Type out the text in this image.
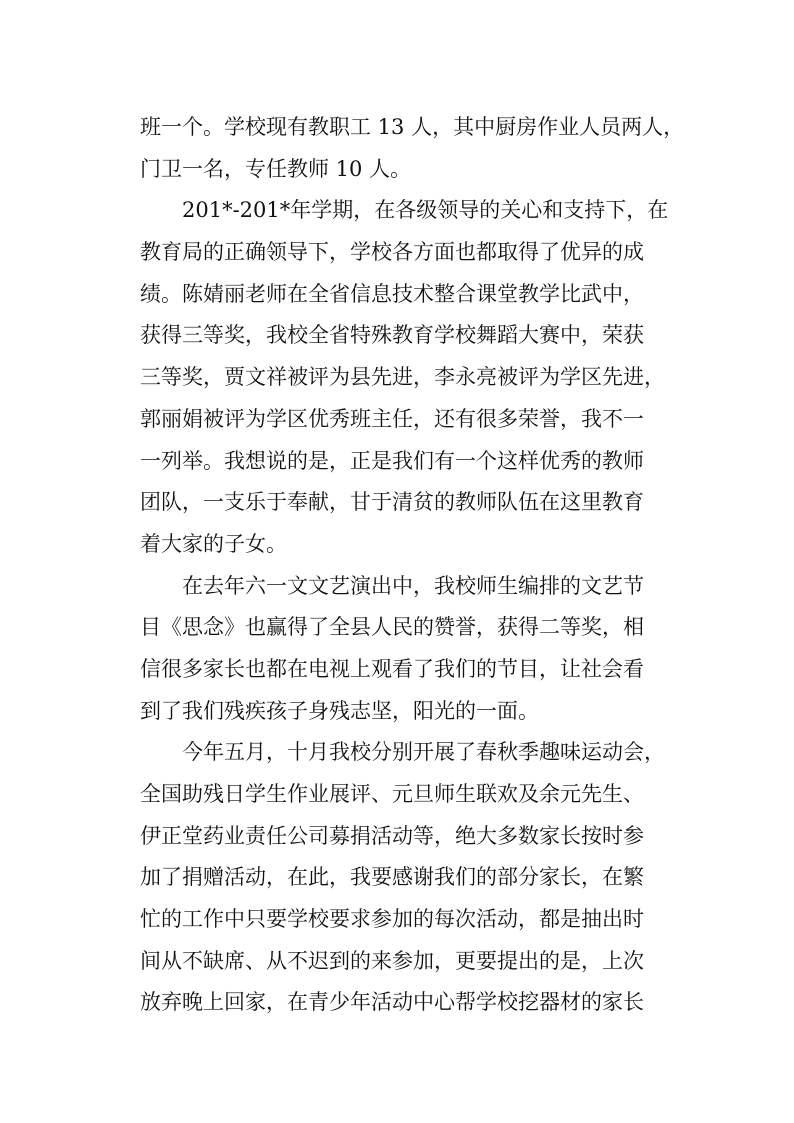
班一个。学校现有教职工 13 人，其中厨房作业人员两人，
门卫一名，专任教师 10 人。
201*-201*年学期，在各级领导的关心和支持下，在
教育局的正确领导下，学校各方面也都取得了优异的成
绩。陈婧丽老师在全省信息技术整合课堂教学比武中，
获得三等奖，我校全省特殊教育学校舞蹈大赛中，荣获
三等奖，贾文祥被评为县先进，李永亮被评为学区先进，
郭丽娟被评为学区优秀班主任，还有很多荣誉，我不一
一列举。我想说的是，正是我们有一个这样优秀的教师
团队，一支乐于奉献，甘于清贫的教师队伍在这里教育
着大家的子女。
在去年六一文文艺演出中，我校师生编排的文艺节
目《思念》也赢得了全县人民的赞誉，获得二等奖，相
信很多家长也都在电视上观看了我们的节目，让社会看
到了我们残疾孩子身残志坚，阳光的一面。
今年五月，十月我校分别开展了春秋季趣味运动会，
全国助残日学生作业展评、元旦师生联欢及余元先生、
伊正堂药业责任公司募捐活动等，绝大多数家长按时参
加了捐赠活动，在此，我要感谢我们的部分家长，在繁
忙的工作中只要学校要求参加的每次活动，都是抽出时
间从不缺席、从不迟到的来参加，更要提出的是，上次
放弃晚上回家，在青少年活动中心帮学校挖器材的家长
